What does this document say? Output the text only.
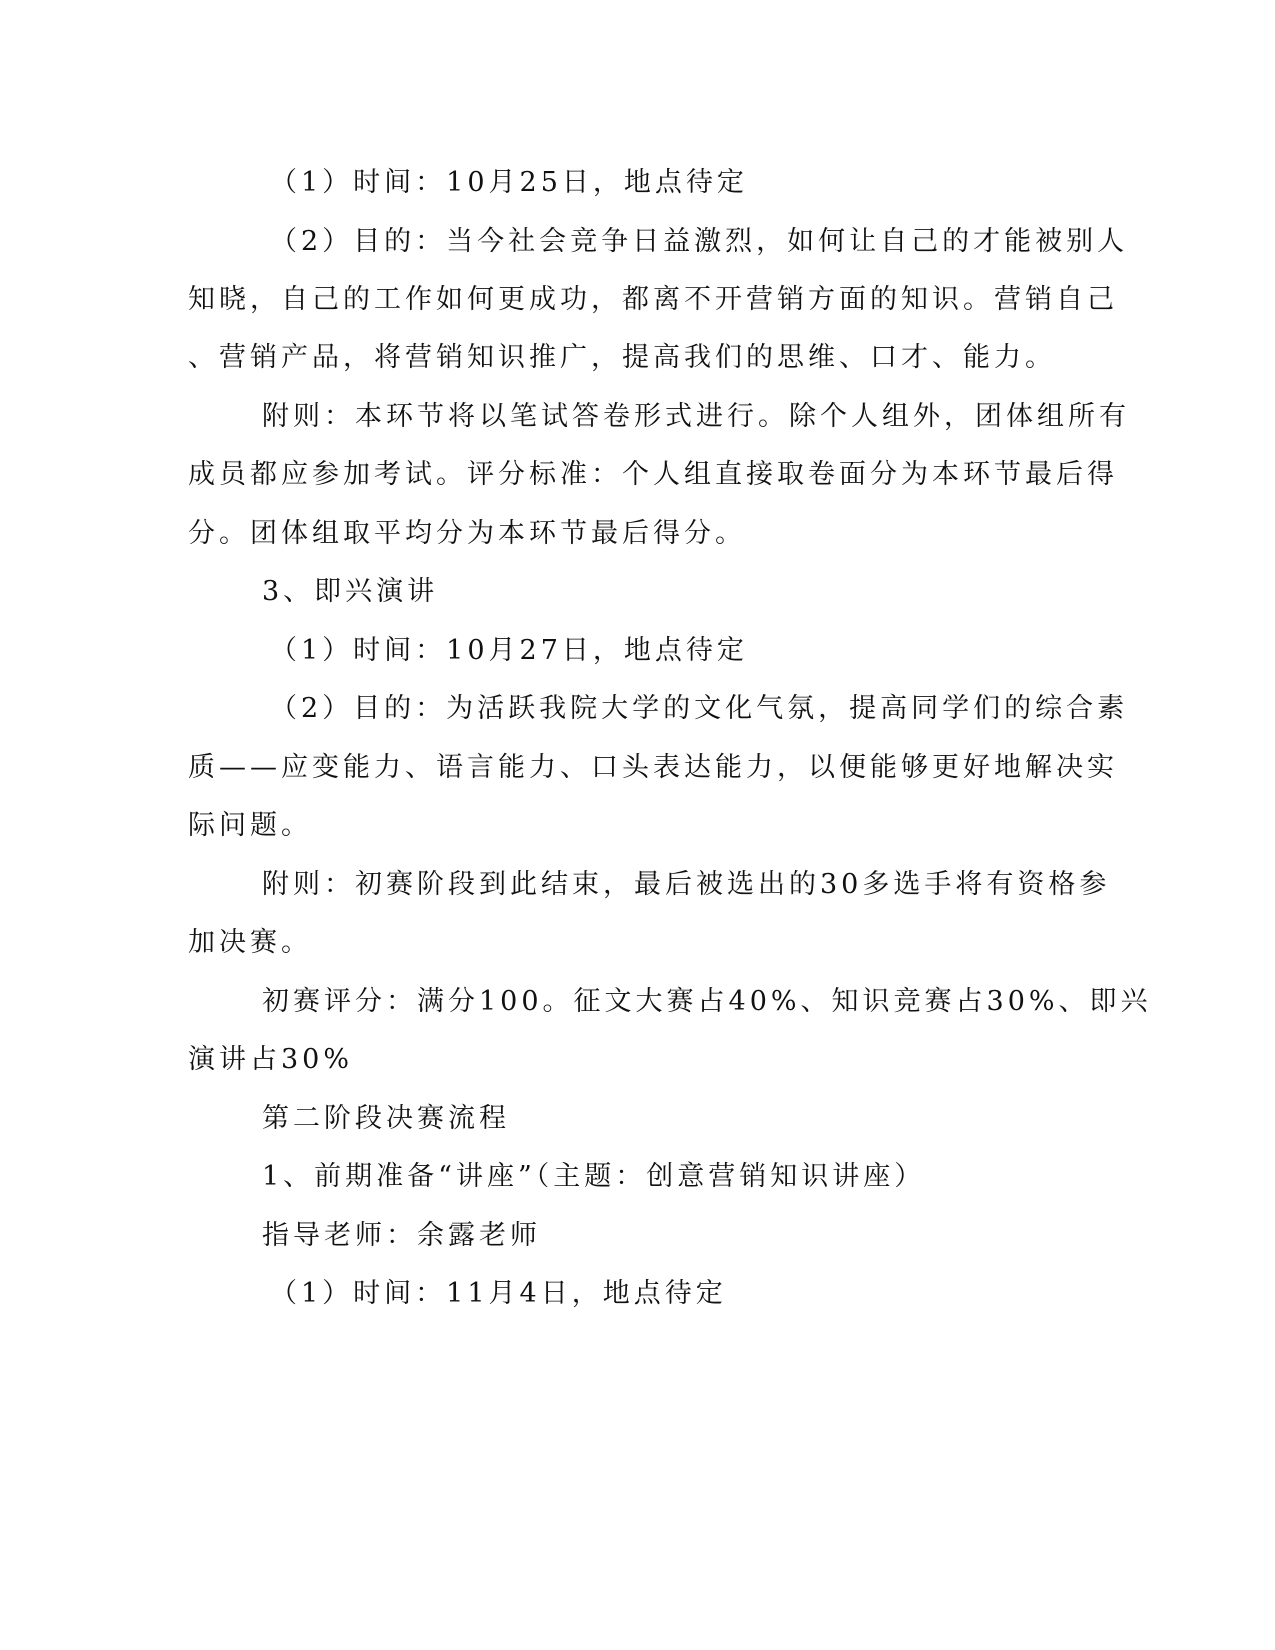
（1）时间：10月25日，地点待定
（2）目的：当今社会竞争日益激烈，如何让自己的才能被别人
知晓，自己的工作如何更成功，都离不开营销方面的知识。营销自己
、营销产品，将营销知识推广，提高我们的思维、口才、能力。
附则：本环节将以笔试答卷形式进行。除个人组外，团体组所有
成员都应参加考试。评分标准：个人组直接取卷面分为本环节最后得
分。团体组取平均分为本环节最后得分。
3、即兴演讲
（1）时间：10月27日，地点待定
（2）目的：为活跃我院大学的文化气氛，提高同学们的综合素
质——应变能力、语言能力、口头表达能力，以便能够更好地解决实
际问题。
附则：初赛阶段到此结束，最后被选出的30多选手将有资格参
加决赛。
初赛评分：满分100。征文大赛占40%、知识竞赛占30%、即兴
演讲占30%
第二阶段决赛流程
1、前期准备“讲座”（主题：创意营销知识讲座）
指导老师：余露老师
（1）时间：11月4日，地点待定
